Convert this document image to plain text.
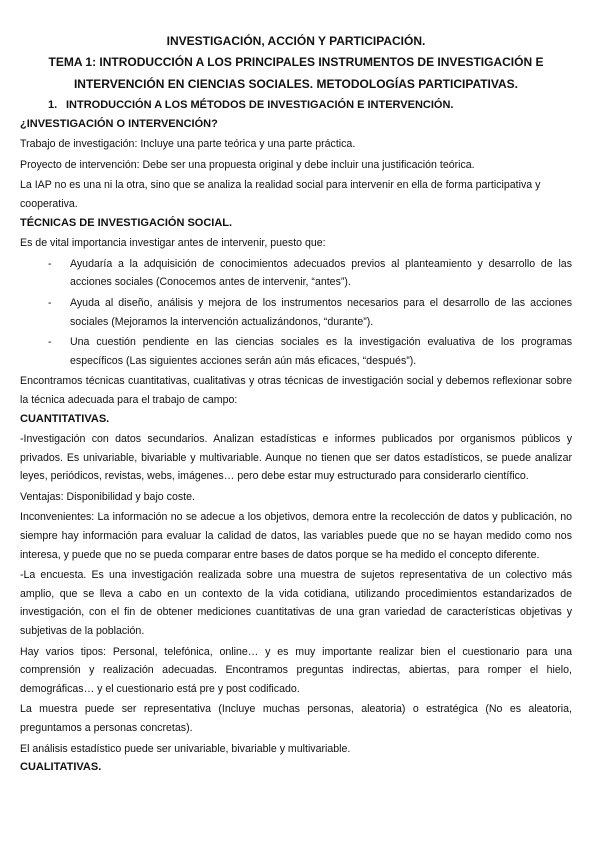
INVESTIGACIÓN, ACCIÓN Y PARTICIPACIÓN.

TEMA 1: INTRODUCCIÓN A LOS PRINCIPALES INSTRUMENTOS DE INVESTIGACIÓN E

INTERVENCIÓN EN CIENCIAS SOCIALES. METODOLOGÍAS PARTICIPATIVAS.

1. INTRODUCCIÓN A LOS MÉTODOS DE INVESTIGACIÓN E INTERVENCIÓN.

¿INVESTIGACIÓN O INTERVENCIÓN?

Trabajo de investigación: Incluye una parte teórica y una parte práctica.

Proyecto de intervención: Debe ser una propuesta original y debe incluir una justificación teórica.

La IAP no es una ni la otra, sino que se analiza la realidad social para intervenir en ella de forma participativa y cooperativa.

TÉCNICAS DE INVESTIGACIÓN SOCIAL.

Es de vital importancia investigar antes de intervenir, puesto que:

- Ayudaría a la adquisición de conocimientos adecuados previos al planteamiento y desarrollo de las acciones sociales (Conocemos antes de intervenir, “antes”).
- Ayuda al diseño, análisis y mejora de los instrumentos necesarios para el desarrollo de las acciones sociales (Mejoramos la intervención actualizándonos, “durante”).
- Una cuestión pendiente en las ciencias sociales es la investigación evaluativa de los programas específicos (Las siguientes acciones serán aún más eficaces, “después”).

Encontramos técnicas cuantitativas, cualitativas y otras técnicas de investigación social y debemos reflexionar sobre la técnica adecuada para el trabajo de campo:

CUANTITATIVAS.

-Investigación con datos secundarios. Analizan estadísticas e informes publicados por organismos públicos y privados. Es univariable, bivariable y multivariable. Aunque no tienen que ser datos estadísticos, se puede analizar leyes, periódicos, revistas, webs, imágenes… pero debe estar muy estructurado para considerarlo científico.

Ventajas: Disponibilidad y bajo coste.

Inconvenientes: La información no se adecue a los objetivos, demora entre la recolección de datos y publicación, no siempre hay información para evaluar la calidad de datos, las variables puede que no se hayan medido como nos interesa, y puede que no se pueda comparar entre bases de datos porque se ha medido el concepto diferente.

-La encuesta. Es una investigación realizada sobre una muestra de sujetos representativa de un colectivo más amplio, que se lleva a cabo en un contexto de la vida cotidiana, utilizando procedimientos estandarizados de investigación, con el fin de obtener mediciones cuantitativas de una gran variedad de características objetivas y subjetivas de la población.

Hay varios tipos: Personal, telefónica, online… y es muy importante realizar bien el cuestionario para una comprensión y realización adecuadas. Encontramos preguntas indirectas, abiertas, para romper el hielo, demográficas… y el cuestionario está pre y post codificado.

La muestra puede ser representativa (Incluye muchas personas, aleatoria) o estratégica (No es aleatoria, preguntamos a personas concretas).

El análisis estadístico puede ser univariable, bivariable y multivariable.

CUALITATIVAS.
